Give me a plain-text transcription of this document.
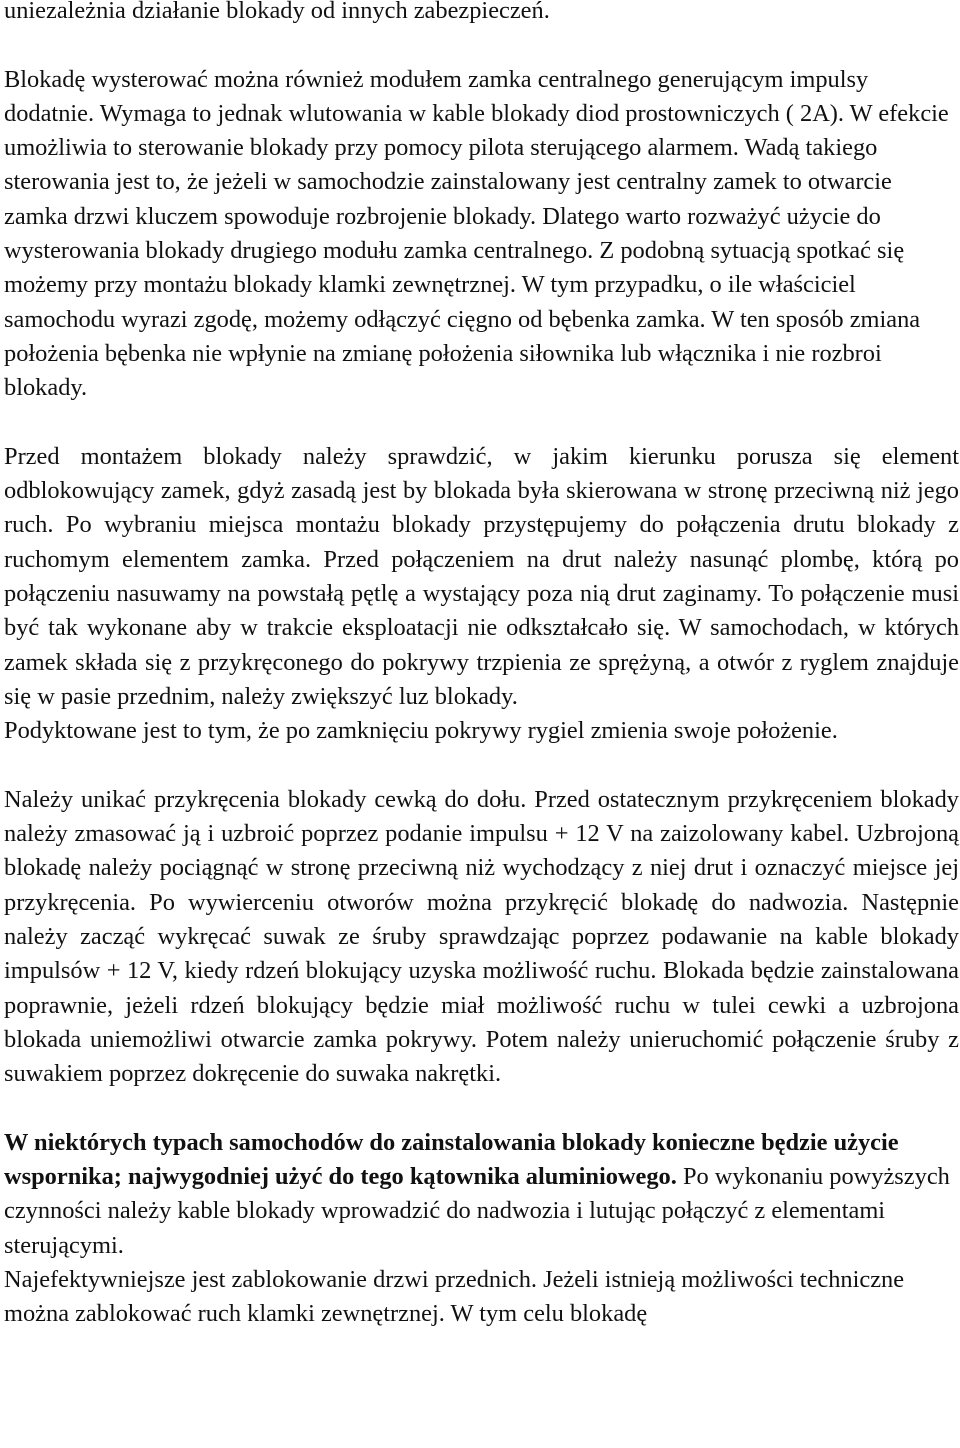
uniezależnia działanie blokady od innych zabezpieczeń.

Blokadę wysterować można również modułem zamka centralnego generującym impulsy dodatnie. Wymaga to jednak wlutowania w kable blokady diod prostowniczych ( 2A). W efekcie umożliwia to sterowanie blokady przy pomocy pilota sterującego alarmem. Wadą takiego sterowania jest to, że jeżeli w samochodzie zainstalowany jest centralny zamek to otwarcie zamka drzwi kluczem spowoduje rozbrojenie blokady. Dlatego warto rozważyć użycie do wysterowania blokady drugiego modułu zamka centralnego. Z podobną sytuacją spotkać się możemy przy montażu blokady klamki zewnętrznej. W tym przypadku, o ile właściciel samochodu wyrazi zgodę, możemy odłączyć cięgno od bębenka zamka. W ten sposób zmiana położenia bębenka nie wpłynie na zmianę położenia siłownika lub włącznika i nie rozbroi blokady.

Przed montażem blokady należy sprawdzić, w jakim kierunku porusza się element odblokowujący zamek, gdyż zasadą jest by blokada była skierowana w stronę przeciwną niż jego ruch. Po wybraniu miejsca montażu blokady przystępujemy do połączenia drutu blokady z ruchomym elementem zamka. Przed połączeniem na drut należy nasunąć plombę, którą po połączeniu nasuwamy na powstałą pętlę a wystający poza nią drut zaginamy. To połączenie musi być tak wykonane aby w trakcie eksploatacji nie odkształcało się. W samochodach, w których zamek składa się z przykręconego do pokrywy trzpienia ze sprężyną, a otwór z ryglem znajduje się w pasie przednim, należy zwiększyć luz blokady.

Podyktowane jest to tym, że po zamknięciu pokrywy rygiel zmienia swoje położenie.

Należy unikać przykręcenia blokady cewką do dołu. Przed ostatecznym przykręceniem blokady należy zmasować ją i uzbroić poprzez podanie impulsu + 12 V na zaizolowany kabel. Uzbrojoną blokadę należy pociągnąć w stronę przeciwną niż wychodzący z niej drut i oznaczyć miejsce jej przykręcenia. Po wywierceniu otworów można przykręcić blokadę do nadwozia. Następnie należy zacząć wykręcać suwak ze śruby sprawdzając poprzez podawanie na kable blokady impulsów + 12 V, kiedy rdzeń blokujący uzyska możliwość ruchu. Blokada będzie zainstalowana poprawnie, jeżeli rdzeń blokujący będzie miał możliwość ruchu w tulei cewki a uzbrojona blokada uniemożliwi otwarcie zamka pokrywy. Potem należy unieruchomić połączenie śruby z suwakiem poprzez dokręcenie do suwaka nakrętki.

W niektórych typach samochodów do zainstalowania blokady konieczne będzie użycie wspornika; najwygodniej użyć do tego kątownika aluminiowego. Po wykonaniu powyższych czynności należy kable blokady wprowadzić do nadwozia i lutując połączyć z elementami sterującymi.

Najefektywniejsze jest zablokowanie drzwi przednich. Jeżeli istnieją możliwości techniczne można zablokować ruch klamki zewnętrznej. W tym celu blokadę
